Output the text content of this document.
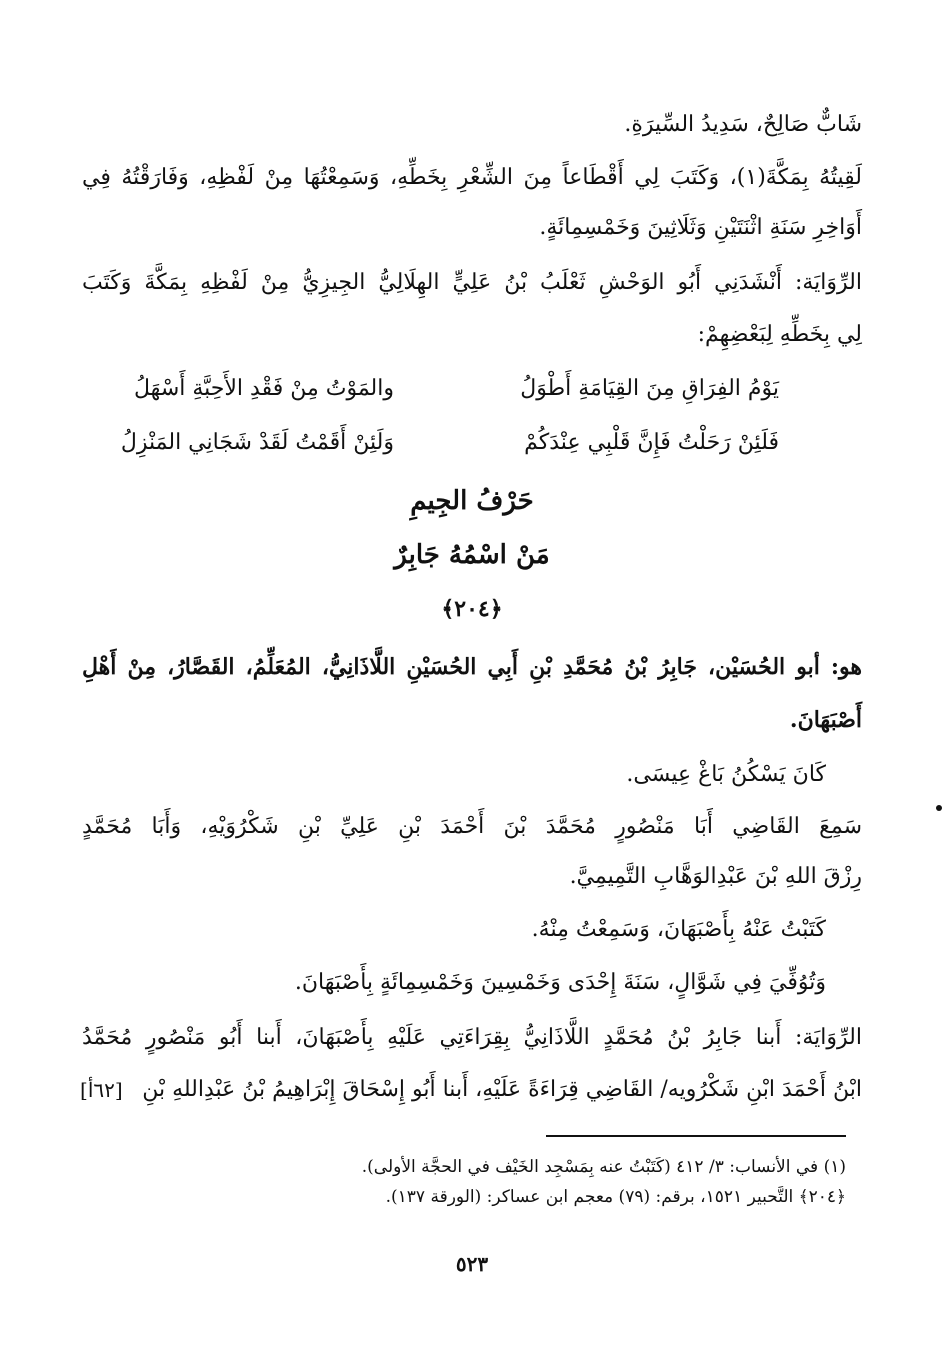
شَابٌّ صَالِحٌ، سَدِيدُ السِّيرَةِ.
لَقِيتُهُ بِمَكَّةَ(١)، وَكَتَبَ لِي أَقْطَاعاً مِنَ الشِّعْرِ بِخَطِّهِ، وَسَمِعْتُهَا مِنْ لَفْظِهِ، وَفَارَقْتُهُ فِي
أَوَاخِرِ سَنَةِ اثْنَتَيْنِ وَثَلَاثِينَ وَخَمْسِمِائَةٍ.
الرِّوَايَة: أَنْشَدَنِي أَبُو الوَحْشِ ثَعْلَبُ بْنُ عَلِيٍّ الهِلَالِيُّ الجِيزِيُّ مِنْ لَفْظِهِ بِمَكَّةَ وَكَتَبَ
لِي بِخَطِّهِ لِبَعْضِهِمْ:
يَوْمُ الفِرَاقِ مِنَ القِيَامَةِ أَطْوَلُ
والمَوْتُ مِنْ فَقْدِ الأَحِبَّةِ أَسْهَلُ
فَلَئِنْ رَحَلْتُ فَإِنَّ قَلْبِي عِنْدَكُمْ
وَلَئِنْ أَقَمْتُ لَقَدْ شَجَانِي المَنْزِلُ
حَرْفُ الجِيمِ
مَنْ اسْمُهُ جَابِرٌ
﴿٢٠٤﴾
هو: أبو الحُسَيْن، جَابِرُ بْنُ مُحَمَّدِ بْنِ أَبِي الحُسَيْنِ اللَّاذَانِيُّ، المُعَلِّمُ، القَصَّارُ، مِنْ أَهْلِ
أَصْبَهَانَ.
كَانَ يَسْكُنُ بَاغْ عِيسَى.
سَمِعَ القَاضِي أَبَا مَنْصُورٍ مُحَمَّدَ بْنَ أَحْمَدَ بْنِ عَلِيِّ بْنِ شَكْرُوَيْهِ، وَأَبَا مُحَمَّدٍ
رِزْقَ اللهِ بْنَ عَبْدِالوَهَّابِ التَّمِيمِيَّ.
كَتَبْتُ عَنْهُ بِأَصْبَهَانَ، وَسَمِعْتُ مِنْهُ.
وَتُوُفِّيَ فِي شَوَّالٍ، سَنَةَ إِحْدَى وَخَمْسِينَ وَخَمْسِمِائَةٍ بِأَصْبَهَانَ.
الرِّوَايَة: أَبنا جَابِرُ بْنُ مُحَمَّدٍ اللَّاذَانِيُّ بِقِرَاءَتِي عَلَيْهِ بِأَصْبَهَانَ، أَبنا أَبُو مَنْصُورٍ مُحَمَّدُ
ابْنُ أَحْمَدَ ابْنِ شَكْرُويه/ القَاضِي قِرَاءَةً عَلَيْهِ، أَبنا أَبُو إِسْحَاقَ إِبْرَاهِيمُ بْنُ عَبْدِاللهِ بْنِ
[٦٢أ]
(١) في الأنساب: ٣/ ٤١٢ (كَتَبْتُ عنه بِمَسْجِد الخَيْف في الحجَّة الأولى).
﴿٢٠٤﴾ التَّحبير ١٥٢١، برقم: (٧٩) معجم ابن عساكر: (الورقة ١٣٧).
٥٢٣
